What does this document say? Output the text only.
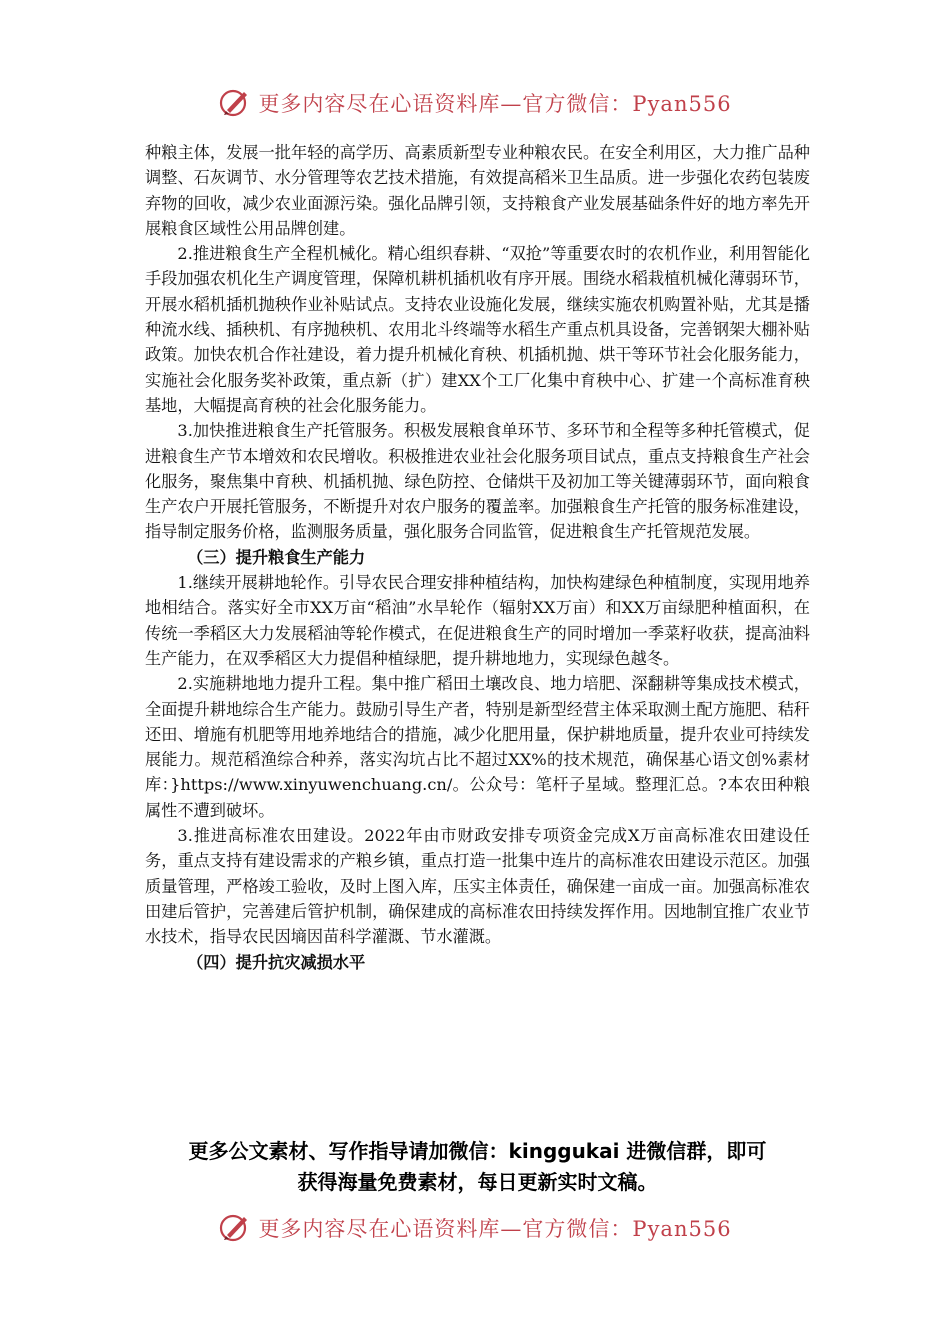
更多内容尽在心语资料库—官方微信：Pyan556

种粮主体，发展一批年轻的高学历、高素质新型专业种粮农民。在安全利用区，大力推广品种调整、石灰调节、水分管理等农艺技术措施，有效提高稻米卫生品质。进一步强化农药包装废弃物的回收，减少农业面源污染。强化品牌引领，支持粮食产业发展基础条件好的地方率先开展粮食区域性公用品牌创建。

2.推进粮食生产全程机械化。精心组织春耕、“双抢”等重要农时的农机作业，利用智能化手段加强农机化生产调度管理，保障机耕机插机收有序开展。围绕水稻栽植机械化薄弱环节，开展水稻机插机抛秧作业补贴试点。支持农业设施化发展，继续实施农机购置补贴，尤其是播种流水线、插秧机、有序抛秧机、农用北斗终端等水稻生产重点机具设备，完善钢架大棚补贴政策。加快农机合作社建设，着力提升机械化育秧、机插机抛、烘干等环节社会化服务能力，实施社会化服务奖补政策，重点新（扩）建XX个工厂化集中育秧中心、扩建一个高标准育秧基地，大幅提高育秧的社会化服务能力。

3.加快推进粮食生产托管服务。积极发展粮食单环节、多环节和全程等多种托管模式，促进粮食生产节本增效和农民增收。积极推进农业社会化服务项目试点，重点支持粮食生产社会化服务，聚焦集中育秧、机插机抛、绿色防控、仓储烘干及初加工等关键薄弱环节，面向粮食生产农户开展托管服务，不断提升对农户服务的覆盖率。加强粮食生产托管的服务标准建设，指导制定服务价格，监测服务质量，强化服务合同监管，促进粮食生产托管规范发展。

（三）提升粮食生产能力

1.继续开展耕地轮作。引导农民合理安排种植结构，加快构建绿色种植制度，实现用地养地相结合。落实好全市XX万亩“稻油”水旱轮作（辐射XX万亩）和XX万亩绿肥种植面积，在传统一季稻区大力发展稻油等轮作模式，在促进粮食生产的同时增加一季菜籽收获，提高油料生产能力，在双季稻区大力提倡种植绿肥，提升耕地地力，实现绿色越冬。

2.实施耕地地力提升工程。集中推广稻田土壤改良、地力培肥、深翻耕等集成技术模式，全面提升耕地综合生产能力。鼓励引导生产者，特别是新型经营主体采取测土配方施肥、秸秆还田、增施有机肥等用地养地结合的措施，减少化肥用量，保护耕地质量，提升农业可持续发展能力。规范稻渔综合种养，落实沟坑占比不超过XX%的技术规范，确保基心语文创%素材库：}https://www.xinyuwenchuang.cn/。公众号：笔杆子星域。整理汇总。?本农田种粮属性不遭到破坏。

3.推进高标准农田建设。2022年由市财政安排专项资金完成X万亩高标准农田建设任务，重点支持有建设需求的产粮乡镇，重点打造一批集中连片的高标准农田建设示范区。加强质量管理，严格竣工验收，及时上图入库，压实主体责任，确保建一亩成一亩。加强高标准农田建后管护，完善建后管护机制，确保建成的高标准农田持续发挥作用。因地制宜推广农业节水技术，指导农民因墒因苗科学灌溉、节水灌溉。

（四）提升抗灾减损水平

更多公文素材、写作指导请加微信：kinggukai 进微信群，即可
获得海量免费素材，每日更新实时文稿。
更多内容尽在心语资料库—官方微信：Pyan556
